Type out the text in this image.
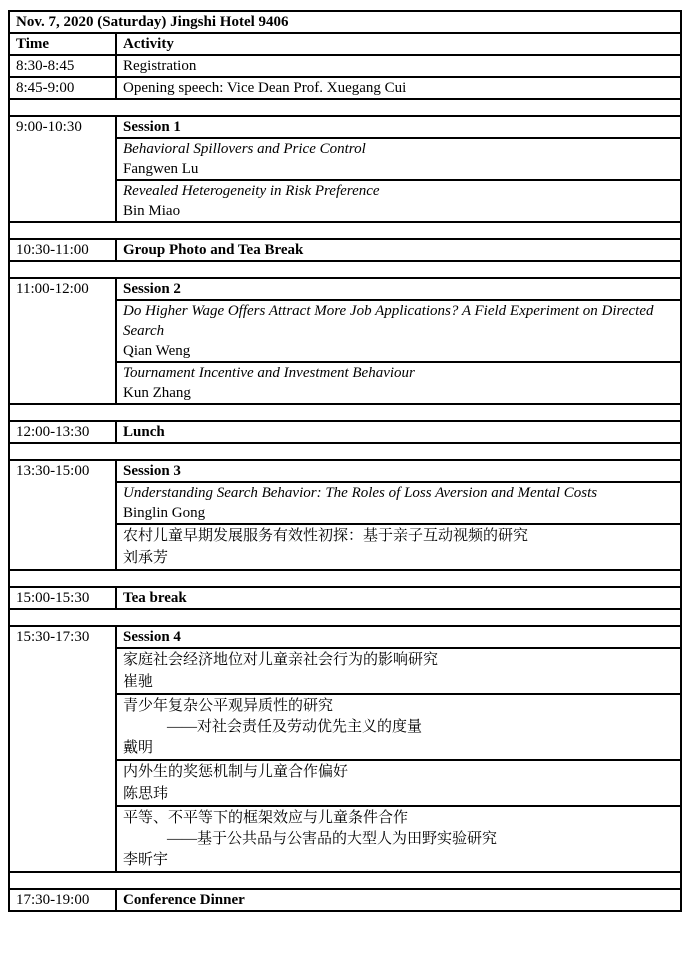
Nov. 7, 2020 (Saturday) Jingshi Hotel 9406	
Time	Activity
8:30-8:45	Registration
8:45-9:00	Opening speech: Vice Dean Prof. Xuegang Cui

9:00-10:30	Session 1

	Behavioral Spillovers and Price Control
Fangwen Lu

	Revealed Heterogeneity in Risk Preference
Bin Miao

10:30-11:00	Group Photo and Tea Break

11:00-12:00	Session 2

	Do Higher Wage Offers Attract More Job Applications? A Field Experiment on Directed Search
Qian Weng

	Tournament Incentive and Investment Behaviour
Kun Zhang

12:00-13:30	Lunch

13:30-15:00	Session 3

	Understanding Search Behavior: The Roles of Loss Aversion and Mental Costs
Binglin Gong

	农村儿童早期发展服务有效性初探：基于亲子互动视频的研究
刘承芳

15:00-15:30	Tea break

15:30-17:30	Session 4

	家庭社会经济地位对儿童亲社会行为的影响研究
崔驰

	青少年复杂公平观异质性的研究
——对社会责任及劳动优先主义的度量
戴明

	内外生的奖惩机制与儿童合作偏好
陈思玮

	平等、不平等下的框架效应与儿童条件合作
——基于公共品与公害品的大型人为田野实验研究
李昕宇

17:30-19:00	Conference Dinner
